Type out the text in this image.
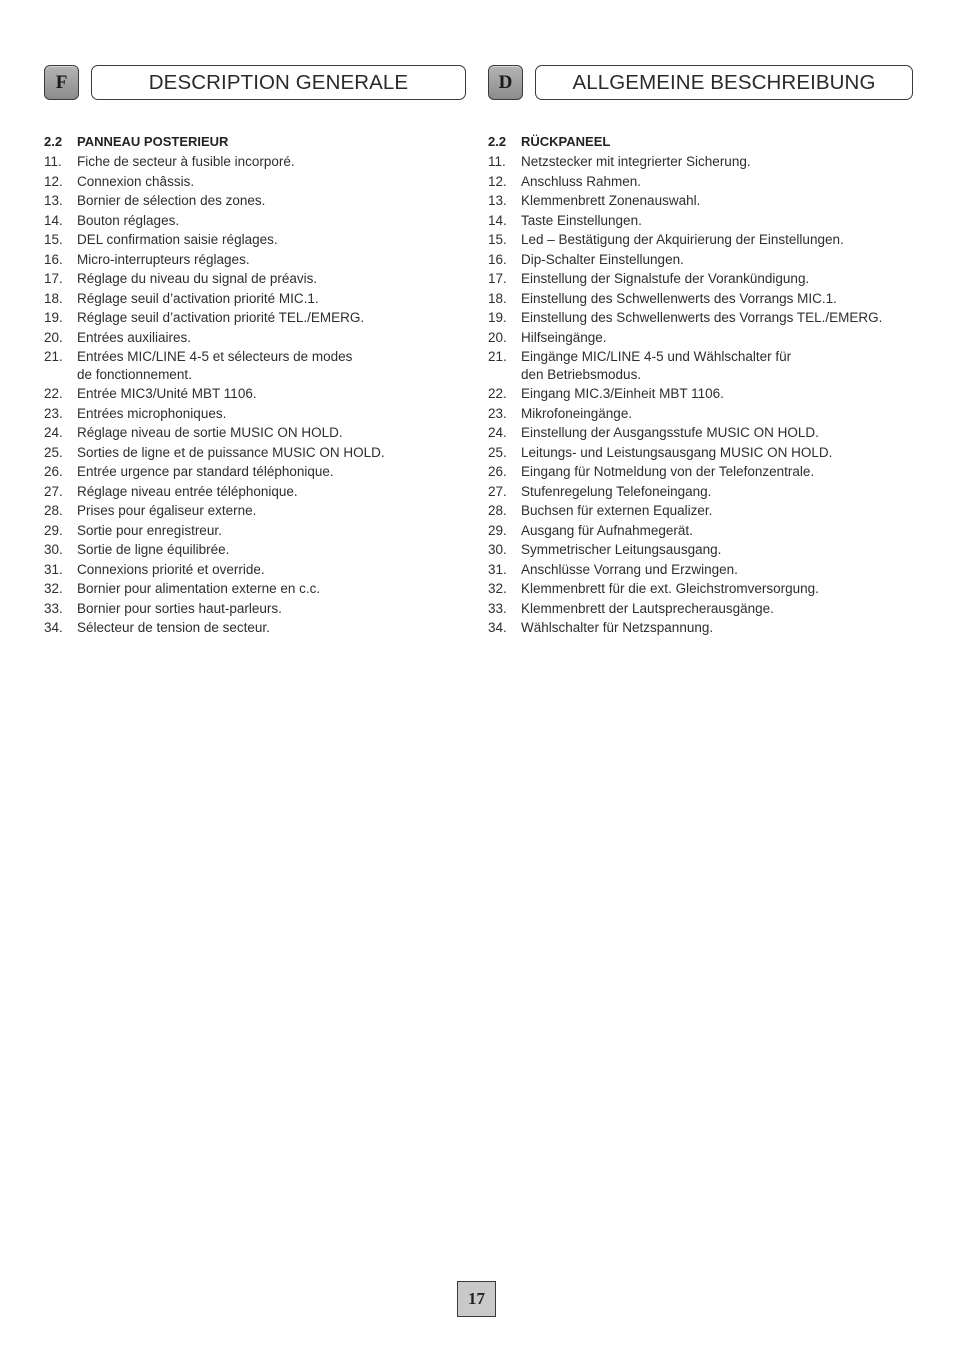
F	DESCRIPTION GENERALE
2.2	PANNEAU POSTERIEUR
11.	Fiche de secteur à fusible incorporé.
12.	Connexion châssis.
13.	Bornier de sélection des zones.
14.	Bouton réglages.
15.	DEL confirmation saisie réglages.
16.	Micro-interrupteurs réglages.
17.	Réglage du niveau du signal de préavis.
18.	Réglage seuil d’activation priorité MIC.1.
19.	Réglage seuil d’activation priorité TEL./EMERG.
20.	Entrées auxiliaires.
21.	Entrées MIC/LINE 4-5 et sélecteurs de modes
de fonctionnement.
22.	Entrée MIC3/Unité MBT 1106.
23.	Entrées microphoniques.
24.	Réglage niveau de sortie MUSIC ON HOLD.
25.	Sorties de ligne et de puissance MUSIC ON HOLD.
26.	Entrée urgence par standard téléphonique.
27.	Réglage niveau entrée téléphonique.
28.	Prises pour égaliseur externe.
29.	Sortie pour enregistreur.
30.	Sortie de ligne équilibrée.
31.	Connexions priorité et override.
32.	Bornier pour alimentation externe en c.c.
33.	Bornier pour sorties haut-parleurs.
34.	Sélecteur de tension de secteur.
D	ALLGEMEINE BESCHREIBUNG
2.2	RÜCKPANEEL
11.	Netzstecker mit integrierter Sicherung.
12.	Anschluss Rahmen.
13.	Klemmenbrett Zonenauswahl.
14.	Taste Einstellungen.
15.	Led – Bestätigung der Akquirierung der Einstellungen.
16.	Dip-Schalter Einstellungen.
17.	Einstellung der Signalstufe der Vorankündigung.
18.	Einstellung des Schwellenwerts des Vorrangs MIC.1.
19.	Einstellung des Schwellenwerts des Vorrangs TEL./EMERG.
20.	Hilfseingänge.
21.	Eingänge MIC/LINE 4-5 und Wählschalter für
den Betriebsmodus.
22.	Eingang MIC.3/Einheit MBT 1106.
23.	Mikrofoneingänge.
24.	Einstellung der Ausgangsstufe MUSIC ON HOLD.
25.	Leitungs- und Leistungsausgang MUSIC ON HOLD.
26.	Eingang für Notmeldung von der Telefonzentrale.
27.	Stufenregelung Telefoneingang.
28.	Buchsen für externen Equalizer.
29.	Ausgang für Aufnahmegerät.
30.	Symmetrischer Leitungsausgang.
31.	Anschlüsse Vorrang und Erzwingen.
32.	Klemmenbrett für die ext. Gleichstromversorgung.
33.	Klemmenbrett der Lautsprecherausgänge.
34.	Wählschalter für Netzspannung.
17
